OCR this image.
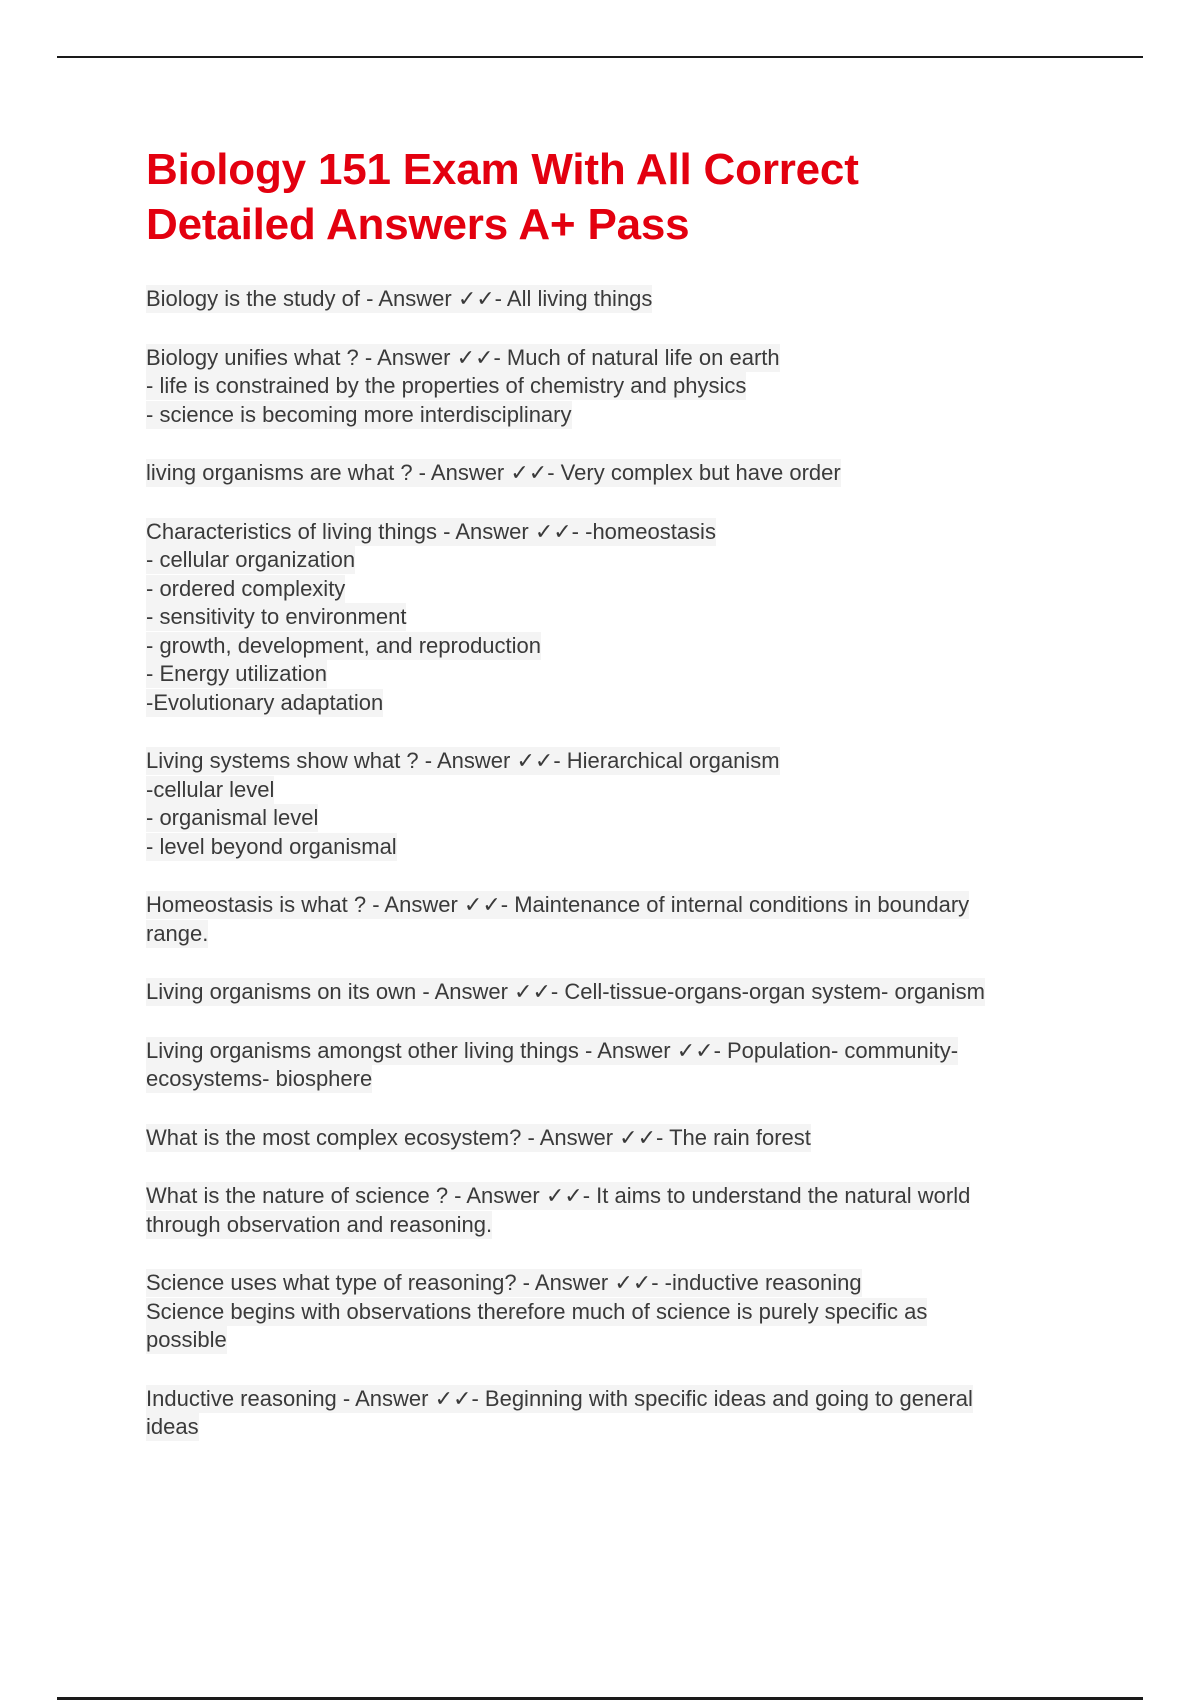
Biology 151 Exam With All Correct
Detailed Answers A+ Pass
Biology is the study of - Answer ✓✓- All living things
Biology unifies what ? - Answer ✓✓- Much of natural life on earth
- life is constrained by the properties of chemistry and physics
- science is becoming more interdisciplinary
living organisms are what ? - Answer ✓✓- Very complex but have order
Characteristics of living things - Answer ✓✓- -homeostasis
- cellular organization
- ordered complexity
- sensitivity to environment
- growth, development, and reproduction
- Energy utilization
-Evolutionary adaptation
Living systems show what ? - Answer ✓✓- Hierarchical organism
-cellular level
- organismal level
- level beyond organismal
Homeostasis is what ? - Answer ✓✓- Maintenance of internal conditions in boundary
range.
Living organisms on its own - Answer ✓✓- Cell-tissue-organs-organ system- organism
Living organisms amongst other living things - Answer ✓✓- Population- community-
ecosystems- biosphere
What is the most complex ecosystem? - Answer ✓✓- The rain forest
What is the nature of science ? - Answer ✓✓- It aims to understand the natural world
through observation and reasoning.
Science uses what type of reasoning? - Answer ✓✓- -inductive reasoning
Science begins with observations therefore much of science is purely specific as
possible
Inductive reasoning - Answer ✓✓- Beginning with specific ideas and going to general
ideas
